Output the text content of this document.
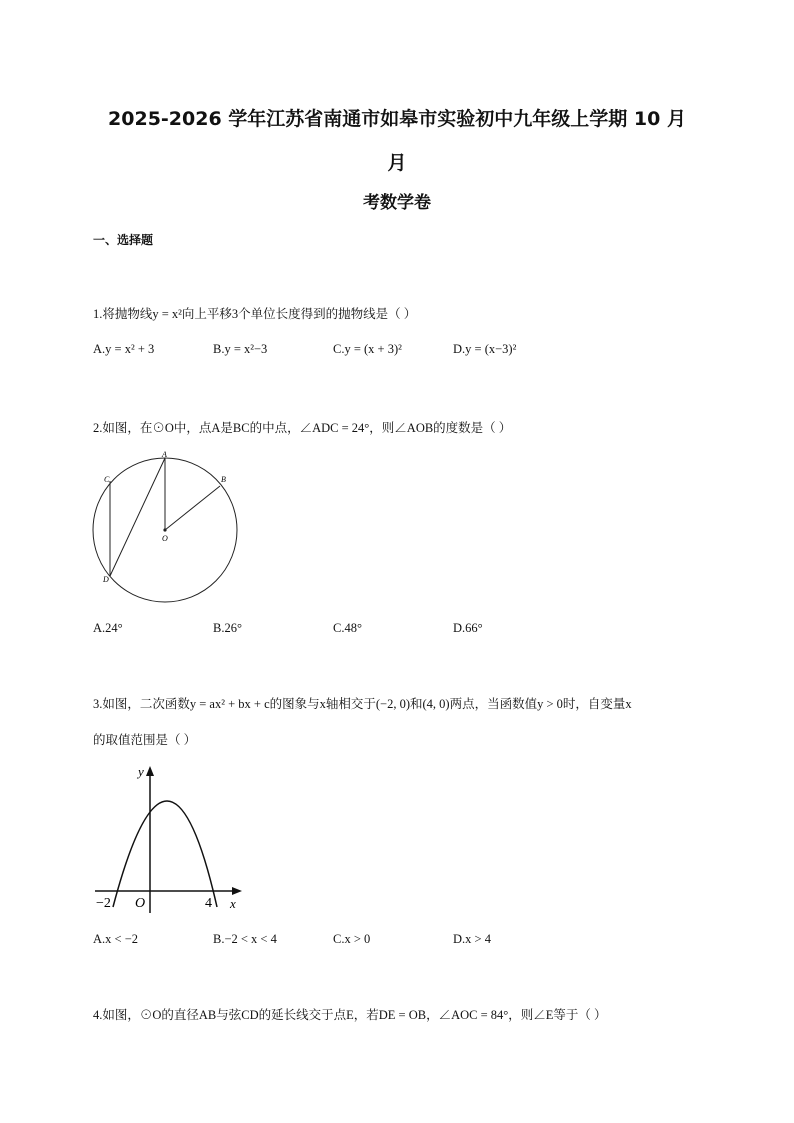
2025-2026 学年江苏省南通市如皋市实验初中九年级上学期 10 月
月
考数学卷
一、选择题
1.将抛物线y = x²向上平移3个单位长度得到的抛物线是（ ）
A.y = x² + 3	B.y = x²−3	C.y = (x + 3)²	D.y = (x−3)²
2.如图，在⊙O中，点A是BC的中点，∠ADC = 24°，则∠AOB的度数是（ ）
A
B
C
D
O
A.24°	B.26°	C.48°	D.66°
3.如图，二次函数y = ax² + bx + c的图象与x轴相交于(−2, 0)和(4, 0)两点，当函数值y > 0时，自变量x
的取值范围是（ ）
y
x
O
−2	4
A.x < −2	B.−2 < x < 4	C.x > 0	D.x > 4
4.如图，⊙O的直径AB与弦CD的延长线交于点E，若DE = OB，∠AOC = 84°，则∠E等于（ ）
